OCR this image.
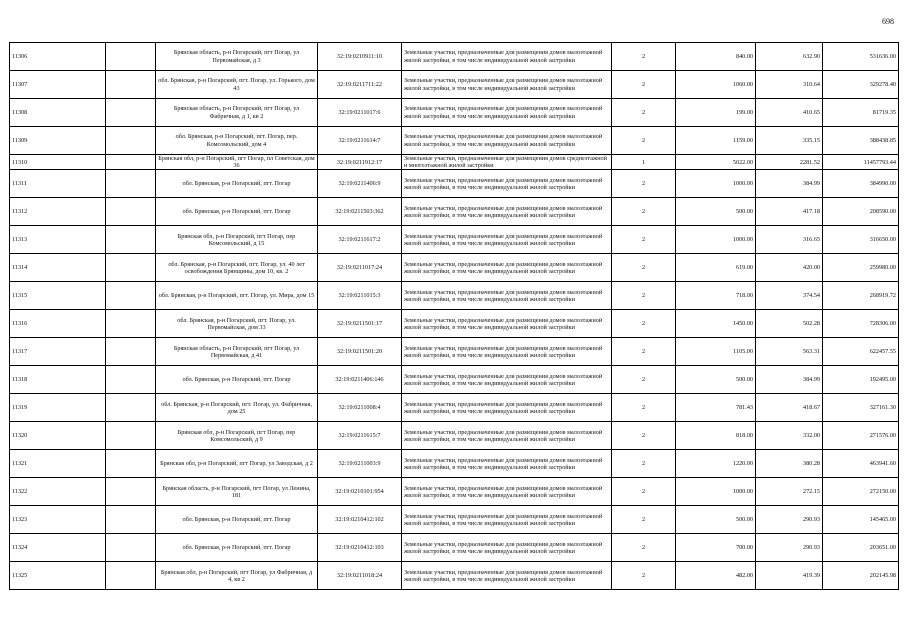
698
11306		Брянская область, р-н Погарский, пгт Погар, ул Первомайская, д 3	32:19:0210911:10	Земельные участки, предназначенные для размещения домов малоэтажной жилой застройки, в том числе индивидуальной жилой застройки	2	840.00	632.90	531636.00
11307		обл. Брянская, р-н Погарский, пгт. Погар, ул. Горького, дом 43	32:19:0211711:22	Земельные участки, предназначенные для размещения домов малоэтажной жилой застройки, в том числе индивидуальной жилой застройки	2	1060.00	310.64	329278.40
11308		Брянская область, р-н Погарский, пгт Погар, ул Фабричная, д 1, кв 2	32:19:0211017:6	Земельные участки, предназначенные для размещения домов малоэтажной жилой застройки, в том числе индивидуальной жилой застройки	2	199.00	410.65	81719.35
11309		обл. Брянская, р-н Погарский, пгт. Погар, пер. Комсомольский, дом 4	32:19:0211614:7	Земельные участки, предназначенные для размещения домов малоэтажной жилой застройки, в том числе индивидуальной жилой застройки	2	1159.00	335.15	388438.85
11310		Брянская обл, р-н Погарский, пгт Погар, пл Советская, дом 36	32:19:0211912:17	Земельные участки, предназначенные для размещения домов среднеэтажной и многоэтажной жилой застройки	1	5022.00	2281.52	11457793.44
11311		обл. Брянская, р-н Погарский, пгт. Погар	32:19:0211406:9	Земельные участки, предназначенные для размещения домов малоэтажной жилой застройки, в том числе индивидуальной жилой застройки	2	1000.00	384.99	384990.00
11312		обл. Брянская, р-н Погарский, пгт. Погар	32:19:0211503:362	Земельные участки, предназначенные для размещения домов малоэтажной жилой застройки, в том числе индивидуальной жилой застройки	2	500.00	417.18	208590.00
11313		Брянская обл, р-н Погарский, пгт Погар, пер Комсомольский, д 15	32:19:0211617:2	Земельные участки, предназначенные для размещения домов малоэтажной жилой застройки, в том числе индивидуальной жилой застройки	2	1000.00	316.65	316650.00
11314		обл. Брянская, р-н Погарский, пгт. Погар, ул. 40 лет освобождения Брянщины, дом 10, кв. 2	32:19:0211017:24	Земельные участки, предназначенные для размещения домов малоэтажной жилой застройки, в том числе индивидуальной жилой застройки	2	619.00	420.00	259980.00
11315		обл. Брянская, р-н Погарский, пгт. Погар, ул. Мира, дом 15	32:19:0211015:3	Земельные участки, предназначенные для размещения домов малоэтажной жилой застройки, в том числе индивидуальной жилой застройки	2	718.00	374.54	268919.72
11316		обл. Брянская, р-н Погарский, пгт. Погар, ул. Первомайская, дом 33	32:19:0211501:17	Земельные участки, предназначенные для размещения домов малоэтажной жилой застройки, в том числе индивидуальной жилой застройки	2	1450.00	502.28	728306.00
11317		Брянская область, р-н Погарский, пгт Погар, ул Первомайская, д 41	32:19:0211501:20	Земельные участки, предназначенные для размещения домов малоэтажной жилой застройки, в том числе индивидуальной жилой застройки	2	1105.00	563.31	622457.55
11318		обл. Брянская, р-н Погарский, пгт. Погар	32:19:0211406:146	Земельные участки, предназначенные для размещения домов малоэтажной жилой застройки, в том числе индивидуальной жилой застройки	2	500.00	384.99	192495.00
11319		обл. Брянская, р-н Погарский, пгт. Погар, ул. Фабричная, дом 25	32:19:0211008:4	Земельные участки, предназначенные для размещения домов малоэтажной жилой застройки, в том числе индивидуальной жилой застройки	2	781.43	418.67	327161.30
11320		Брянская обл, р-н Погарский, пгт Погар, пер Комсомольский, д 9	32:19:0211615:7	Земельные участки, предназначенные для размещения домов малоэтажной жилой застройки, в том числе индивидуальной жилой застройки	2	818.00	332.00	271576.00
11321		Брянская обл, р-н Погарский, пгт Погар, ул Заводская, д 2	32:19:0211003:9	Земельные участки, предназначенные для размещения домов малоэтажной жилой застройки, в том числе индивидуальной жилой застройки	2	1220.00	380.28	463941.60
11322		Брянская область, р-н Погарский, пгт Погар, ул Ленина, 181	32:19:0210101:954	Земельные участки, предназначенные для размещения домов малоэтажной жилой застройки, в том числе индивидуальной жилой застройки	2	1000.00	272.15	272150.00
11323		обл. Брянская, р-н Погарский, пгт. Погар	32:19:0210412:102	Земельные участки, предназначенные для размещения домов малоэтажной жилой застройки, в том числе индивидуальной жилой застройки	2	500.00	290.93	145465.00
11324		обл. Брянская, р-н Погарский, пгт. Погар	32:19:0210412:103	Земельные участки, предназначенные для размещения домов малоэтажной жилой застройки, в том числе индивидуальной жилой застройки	2	700.00	290.93	203651.00
11325		Брянская обл, р-н Погарский, пгт Погар, ул Фабричная, д 4, кв 2	32:19:0211018:24	Земельные участки, предназначенные для размещения домов малоэтажной жилой застройки, в том числе индивидуальной жилой застройки	2	482.00	419.39	202145.98
